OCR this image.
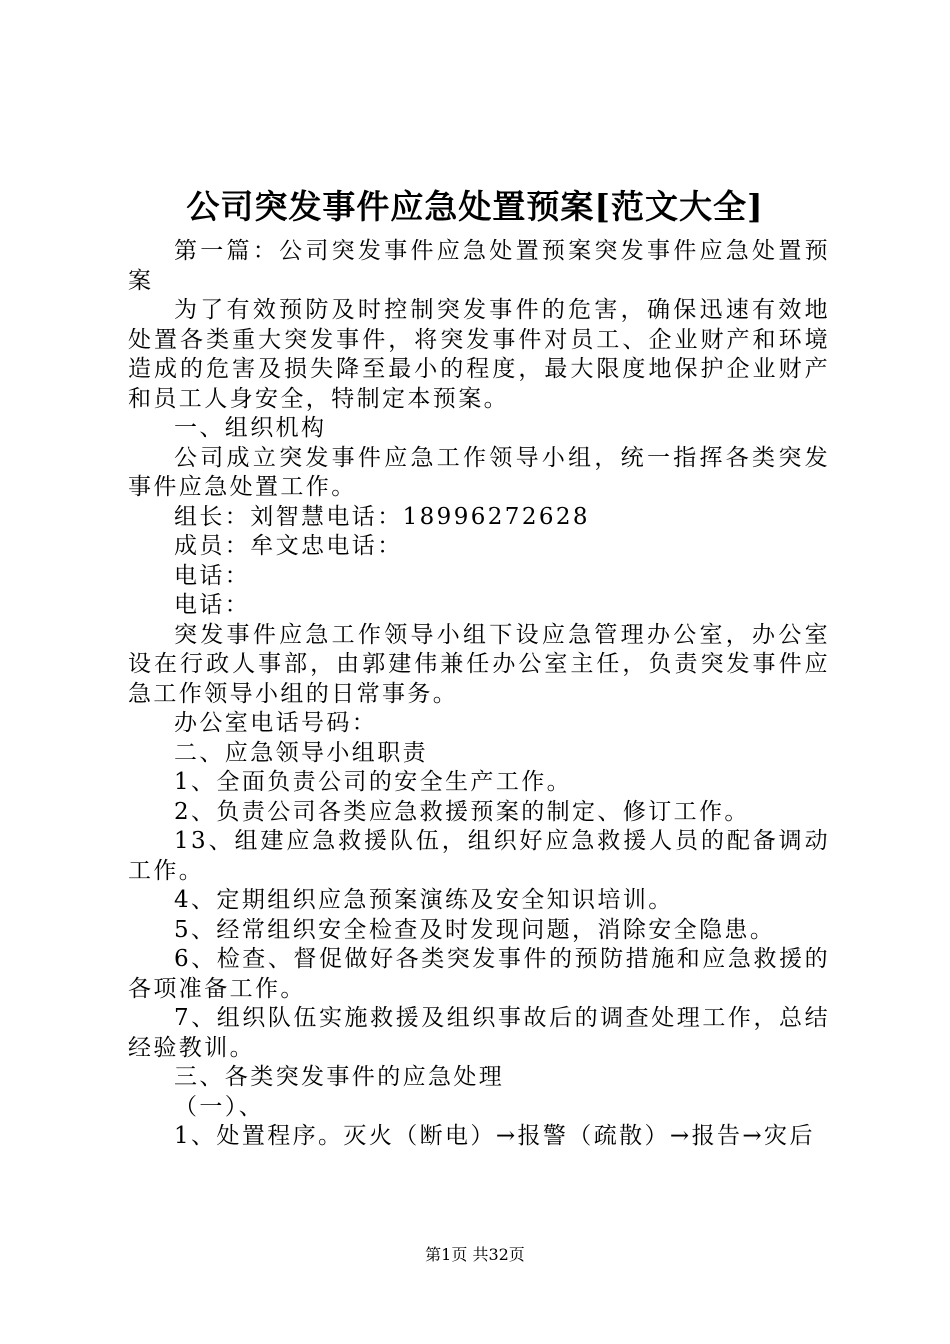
公司突发事件应急处置预案[范文大全]

第一篇：公司突发事件应急处置预案突发事件应急处置预案

为了有效预防及时控制突发事件的危害，确保迅速有效地处置各类重大突发事件，将突发事件对员工、企业财产和环境造成的危害及损失降至最小的程度，最大限度地保护企业财产和员工人身安全，特制定本预案。

一、组织机构

公司成立突发事件应急工作领导小组，统一指挥各类突发事件应急处置工作。

组长：刘智慧电话：18996272628

成员：牟文忠电话：

电话：

电话：

突发事件应急工作领导小组下设应急管理办公室，办公室设在行政人事部，由郭建伟兼任办公室主任，负责突发事件应急工作领导小组的日常事务。

办公室电话号码：

二、应急领导小组职责

1、全面负责公司的安全生产工作。

2、负责公司各类应急救援预案的制定、修订工作。

13、组建应急救援队伍，组织好应急救援人员的配备调动工作。

4、定期组织应急预案演练及安全知识培训。

5、经常组织安全检查及时发现问题，消除安全隐患。

6、检查、督促做好各类突发事件的预防措施和应急救援的各项准备工作。

7、组织队伍实施救援及组织事故后的调查处理工作，总结经验教训。

三、各类突发事件的应急处理

（一）、

1、处置程序。灭火（断电）→报警（疏散）→报告→灾后

第1页 共32页
